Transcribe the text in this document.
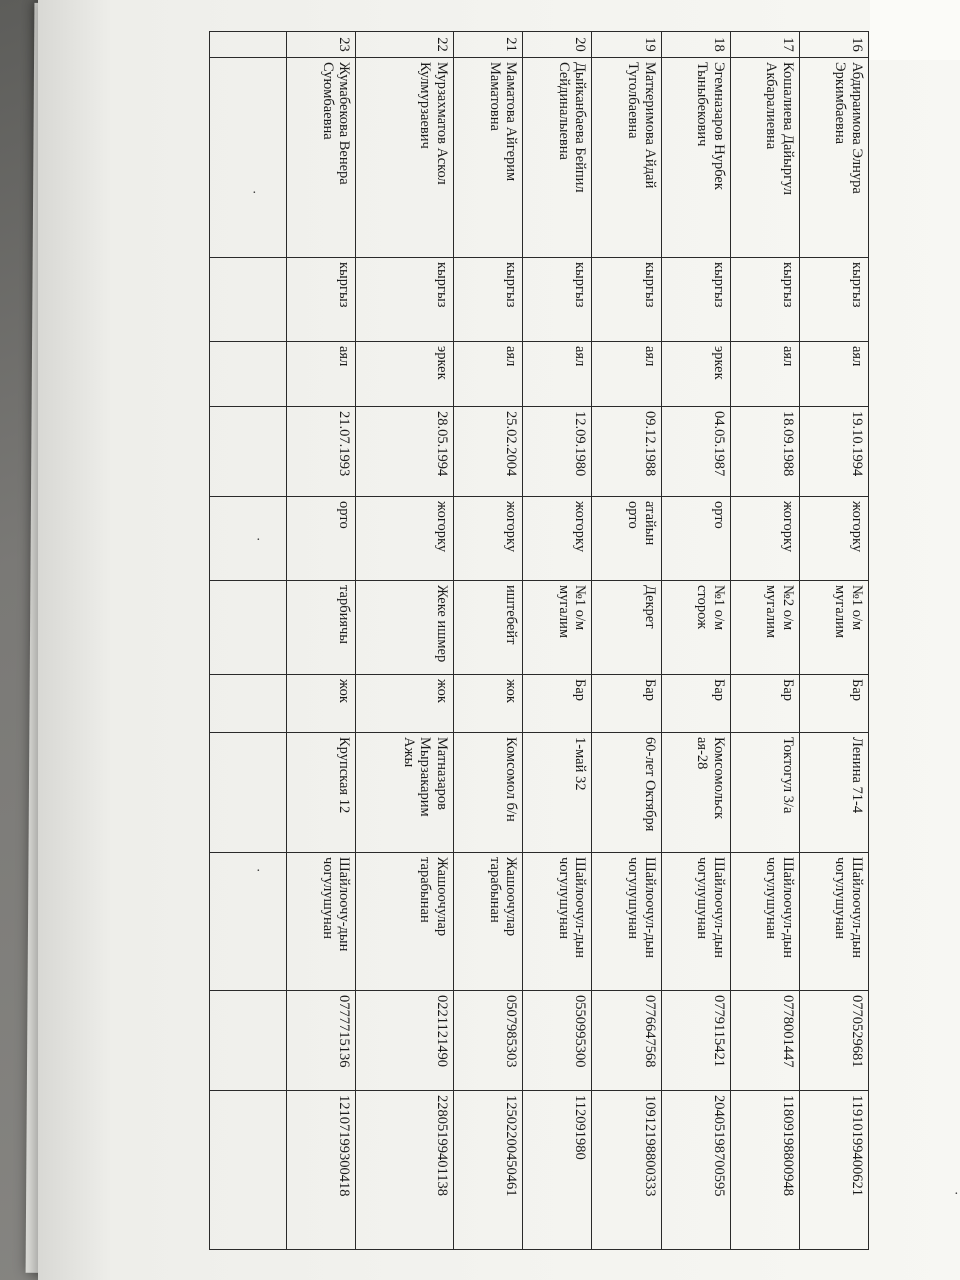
16	Абдираимова Элнура Эркимбаевна	кыргыз	аял	19.10.1994	жогорку	№1 о/м мугалим	Бар	Ленина 71-4	Шайлоочул-дын чогулушунан	0770529681	11910199400621
17	Кошалиева Дайыргул Акбаралиевна	кыргыз	аял	18.09.1988	жогорку	№2 о/м мугалим	Бар	Токтогул 3/а	Шайлоочул-дын чогулушунан	0778001447	11809198800948
18	Эгемназаров Нурбек Тыныбекович	кыргыз	эркек	04.05.1987	орто	№1 о/м сторож	Бар	Комсомольск ая-28	Шайлоочул-дын чогулушунан	0779115421	20405198700595
19	Маткеримова Айдай Туголбаевна	кыргыз	аял	09.12.1988	атайын орто	Декрет	Бар	60-лет Октября	Шайлоочул-дын чогулушунан	0776647568	10912198800333
20	Дыйканбаева Бейпил Сейдиналыевна	кыргыз	аял	12.09.1980	жогорку	№1 о/м мугалим	Бар	1-май 32	Шайлоочул-дын чогулушунан	0550995300	112091980
21	Маматова Айгерим Маматовна	кыргыз	аял	25.02.2004	жогорку	иштебейт	жок	Комсомол б/н	Жашоочулар тарабынан	0507985303	12502200450461
22	Мурзахматов Аскол Кулмурзаевич	кыргыз	эркек	28.05.1994	жогорку	Жеке ишмер	жок	Матназаров Мырзакарим Ажы	Жашоочулар тарабынан	0221121490	22805199401138
23	Жумабекова Венера Суюмбаевна	кыргыз	аял	21.07.1993	орто	тарбиячы	жок	Крупская 12	Шайлоочу-дын чогулушунан	0777715136	12107199300418

·
·
·
·
